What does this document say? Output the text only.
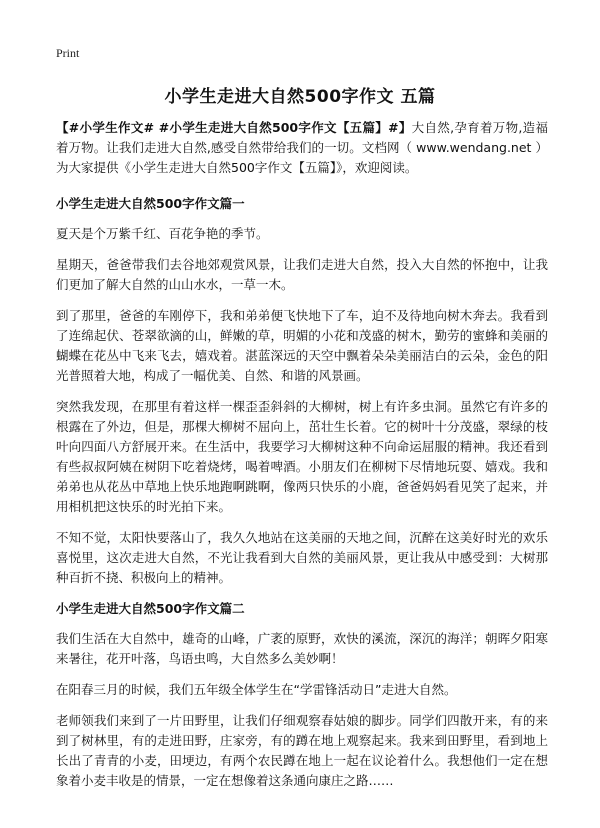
Print
小学生走进大自然500字作文 五篇

【#小学生作文# #小学生走进大自然500字作文【五篇】#】大自然,孕育着万物,造福着万物。让我们走进大自然,感受自然带给我们的一切。文档网（ www.wendang.net ）为大家提供《小学生走进大自然500字作文【五篇】》，欢迎阅读。

小学生走进大自然500字作文篇一

夏天是个万紫千红、百花争艳的季节。

星期天，爸爸带我们去谷地郊观赏风景，让我们走进大自然，投入大自然的怀抱中，让我们更加了解大自然的山山水水，一草一木。

到了那里，爸爸的车刚停下，我和弟弟便飞快地下了车，迫不及待地向树木奔去。我看到了连绵起伏、苍翠欲滴的山，鲜嫩的草，明媚的小花和茂盛的树木，勤劳的蜜蜂和美丽的蝴蝶在花丛中飞来飞去，嬉戏着。湛蓝深远的天空中飘着朵朵美丽洁白的云朵，金色的阳光普照着大地，构成了一幅优美、自然、和谐的风景画。

突然我发现，在那里有着这样一棵歪歪斜斜的大柳树，树上有许多虫洞。虽然它有许多的根露在了外边，但是，那棵大柳树不屈向上，茁壮生长着。它的树叶十分茂盛，翠绿的枝叶向四面八方舒展开来。在生活中，我要学习大柳树这种不向命运屈服的精神。我还看到有些叔叔阿姨在树阴下吃着烧烤，喝着啤酒。小朋友们在柳树下尽情地玩耍、嬉戏。我和弟弟也从花丛中草地上快乐地跑啊跳啊，像两只快乐的小鹿，爸爸妈妈看见笑了起来，并用相机把这快乐的时光拍下来。

不知不觉，太阳快要落山了，我久久地站在这美丽的天地之间，沉醉在这美好时光的欢乐喜悦里，这次走进大自然，不光让我看到大自然的美丽风景，更让我从中感受到：大树那种百折不挠、积极向上的精神。

小学生走进大自然500字作文篇二

我们生活在大自然中，雄奇的山峰，广袤的原野，欢快的溪流，深沉的海洋；朝晖夕阳寒来暑往，花开叶落，鸟语虫鸣，大自然多么美妙啊！

在阳春三月的时候，我们五年级全体学生在“学雷锋活动日”走进大自然。

老师领我们来到了一片田野里，让我们仔细观察春姑娘的脚步。同学们四散开来，有的来到了树林里，有的走进田野，庄家旁，有的蹲在地上观察起来。我来到田野里，看到地上长出了青青的小麦，田埂边，有两个农民蹲在地上一起在议论着什么。我想他们一定在想象着小麦丰收是的情景，一定在想像着这条通向康庄之路……
